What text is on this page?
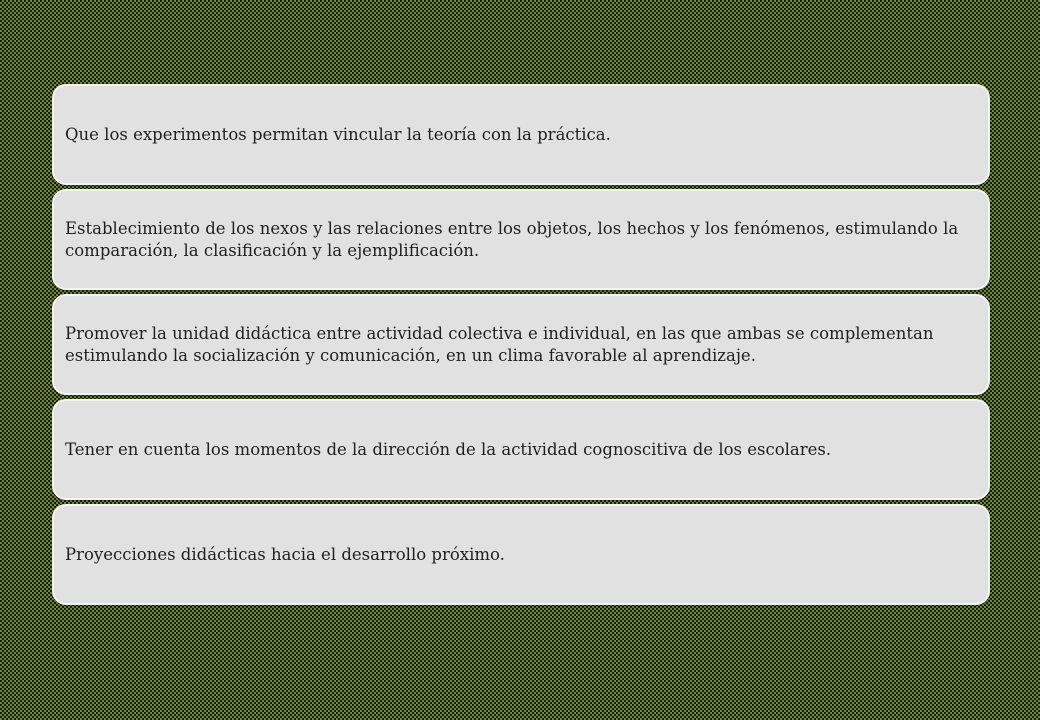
Que los experimentos permitan vincular la teoría con la práctica.
Establecimiento de los nexos y las relaciones entre los objetos, los hechos y los fenómenos, estimulando la comparación, la clasificación y la ejemplificación.
Promover la unidad didáctica entre actividad colectiva e individual, en las que ambas se complementan estimulando la socialización y comunicación, en un clima favorable al aprendizaje.
Tener en cuenta los momentos de la dirección de la actividad cognoscitiva de los escolares.
Proyecciones didácticas hacia el desarrollo próximo.
